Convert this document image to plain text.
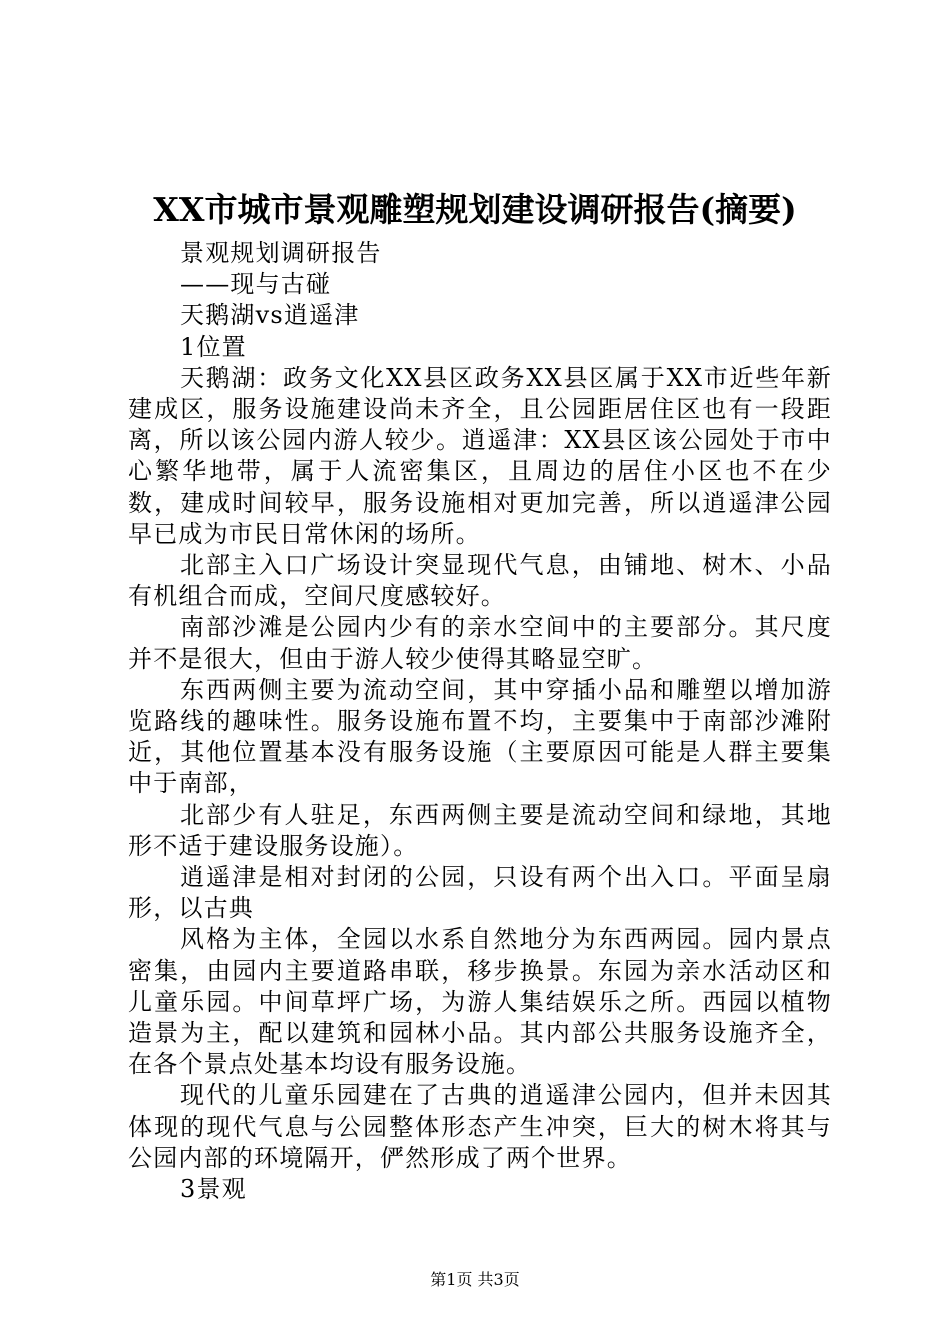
XX市城市景观雕塑规划建设调研报告(摘要)

景观规划调研报告

——现与古碰

天鹅湖vs逍遥津

1位置

天鹅湖：政务文化XX县区政务XX县区属于XX市近些年新建成区，服务设施建设尚未齐全，且公园距居住区也有一段距离，所以该公园内游人较少。逍遥津：XX县区该公园处于市中心繁华地带，属于人流密集区，且周边的居住小区也不在少数，建成时间较早，服务设施相对更加完善，所以逍遥津公园早已成为市民日常休闲的场所。

北部主入口广场设计突显现代气息，由铺地、树木、小品有机组合而成，空间尺度感较好。

南部沙滩是公园内少有的亲水空间中的主要部分。其尺度并不是很大，但由于游人较少使得其略显空旷。

东西两侧主要为流动空间，其中穿插小品和雕塑以增加游览路线的趣味性。服务设施布置不均，主要集中于南部沙滩附近，其他位置基本没有服务设施（主要原因可能是人群主要集中于南部，

北部少有人驻足，东西两侧主要是流动空间和绿地，其地形不适于建设服务设施）。

逍遥津是相对封闭的公园，只设有两个出入口。平面呈扇形，以古典

风格为主体，全园以水系自然地分为东西两园。园内景点密集，由园内主要道路串联，移步换景。东园为亲水活动区和儿童乐园。中间草坪广场，为游人集结娱乐之所。西园以植物造景为主，配以建筑和园林小品。其内部公共服务设施齐全，在各个景点处基本均设有服务设施。

现代的儿童乐园建在了古典的逍遥津公园内，但并未因其体现的现代气息与公园整体形态产生冲突，巨大的树木将其与公园内部的环境隔开，俨然形成了两个世界。

3景观

第1页 共3页
